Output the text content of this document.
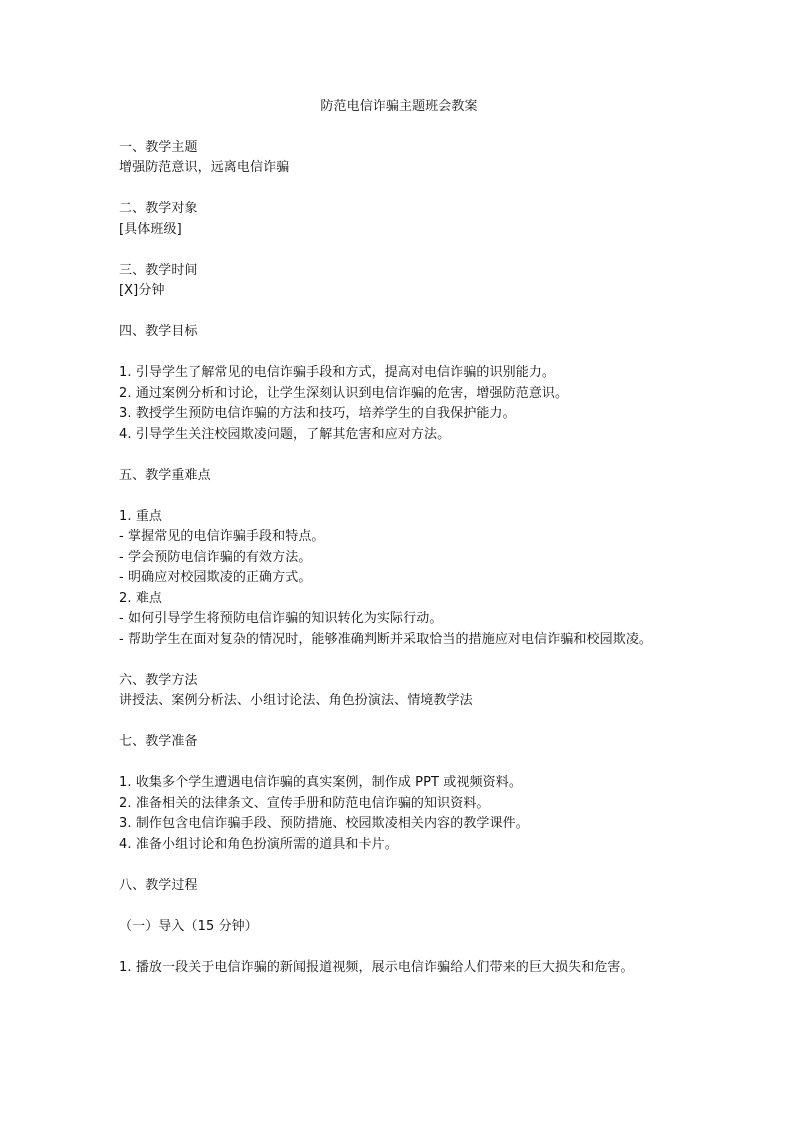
防范电信诈骗主题班会教案

一、教学主题

增强防范意识，远离电信诈骗

二、教学对象

[具体班级]

三、教学时间

[X]分钟

四、教学目标

1. 引导学生了解常见的电信诈骗手段和方式，提高对电信诈骗的识别能力。

2. 通过案例分析和讨论，让学生深刻认识到电信诈骗的危害，增强防范意识。

3. 教授学生预防电信诈骗的方法和技巧，培养学生的自我保护能力。

4. 引导学生关注校园欺凌问题，了解其危害和应对方法。

五、教学重难点

1. 重点

- 掌握常见的电信诈骗手段和特点。

- 学会预防电信诈骗的有效方法。

- 明确应对校园欺凌的正确方式。

2. 难点

- 如何引导学生将预防电信诈骗的知识转化为实际行动。

- 帮助学生在面对复杂的情况时，能够准确判断并采取恰当的措施应对电信诈骗和校园欺凌。

六、教学方法

讲授法、案例分析法、小组讨论法、角色扮演法、情境教学法

七、教学准备

1. 收集多个学生遭遇电信诈骗的真实案例，制作成 PPT 或视频资料。

2. 准备相关的法律条文、宣传手册和防范电信诈骗的知识资料。

3. 制作包含电信诈骗手段、预防措施、校园欺凌相关内容的教学课件。

4. 准备小组讨论和角色扮演所需的道具和卡片。

八、教学过程

（一）导入（15 分钟）

1. 播放一段关于电信诈骗的新闻报道视频，展示电信诈骗给人们带来的巨大损失和危害。
